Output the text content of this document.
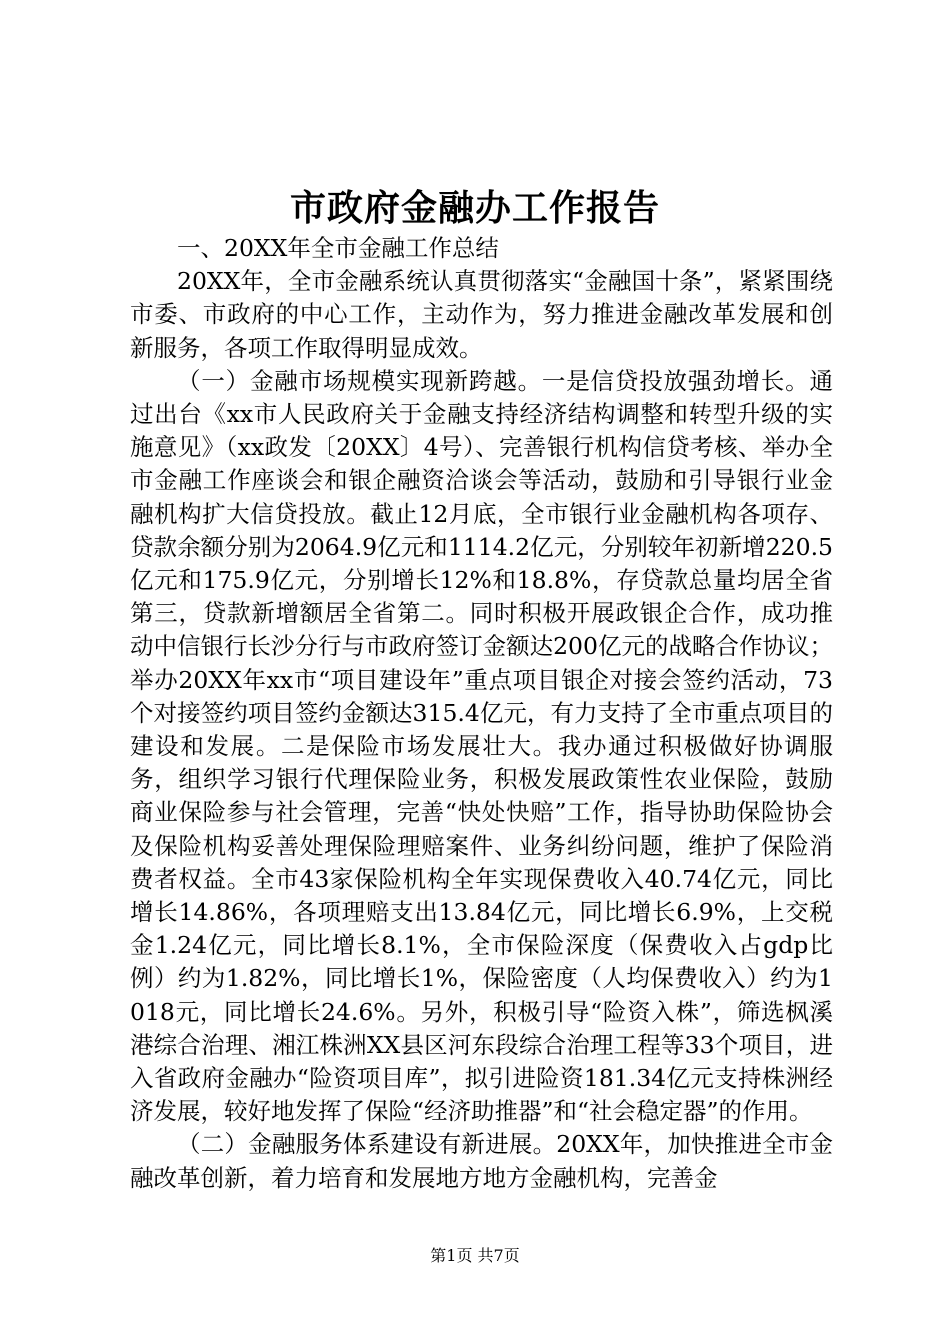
市政府金融办工作报告

一、20XX年全市金融工作总结

20XX年，全市金融系统认真贯彻落实“金融国十条”，紧紧围绕市委、市政府的中心工作，主动作为，努力推进金融改革发展和创新服务，各项工作取得明显成效。

（一）金融市场规模实现新跨越。一是信贷投放强劲增长。通过出台《xx市人民政府关于金融支持经济结构调整和转型升级的实施意见》（xx政发〔20XX〕4号）、完善银行机构信贷考核、举办全市金融工作座谈会和银企融资洽谈会等活动，鼓励和引导银行业金融机构扩大信贷投放。截止12月底，全市银行业金融机构各项存、贷款余额分别为2064.9亿元和1114.2亿元，分别较年初新增220.5亿元和175.9亿元，分别增长12%和18.8%，存贷款总量均居全省第三，贷款新增额居全省第二。同时积极开展政银企合作，成功推动中信银行长沙分行与市政府签订金额达200亿元的战略合作协议；举办20XX年xx市“项目建设年”重点项目银企对接会签约活动，73个对接签约项目签约金额达315.4亿元，有力支持了全市重点项目的建设和发展。二是保险市场发展壮大。我办通过积极做好协调服务，组织学习银行代理保险业务，积极发展政策性农业保险，鼓励商业保险参与社会管理，完善“快处快赔”工作，指导协助保险协会及保险机构妥善处理保险理赔案件、业务纠纷问题，维护了保险消费者权益。全市43家保险机构全年实现保费收入40.74亿元，同比增长14.86%，各项理赔支出13.84亿元，同比增长6.9%，上交税金1.24亿元，同比增长8.1%，全市保险深度（保费收入占gdp比例）约为1.82%，同比增长1%，保险密度（人均保费收入）约为1018元，同比增长24.6%。另外，积极引导“险资入株”，筛选枫溪港综合治理、湘江株洲XX县区河东段综合治理工程等33个项目，进入省政府金融办“险资项目库”，拟引进险资181.34亿元支持株洲经济发展，较好地发挥了保险“经济助推器”和“社会稳定器”的作用。

（二）金融服务体系建设有新进展。20XX年，加快推进全市金融改革创新，着力培育和发展地方地方金融机构，完善金

第1页 共7页
